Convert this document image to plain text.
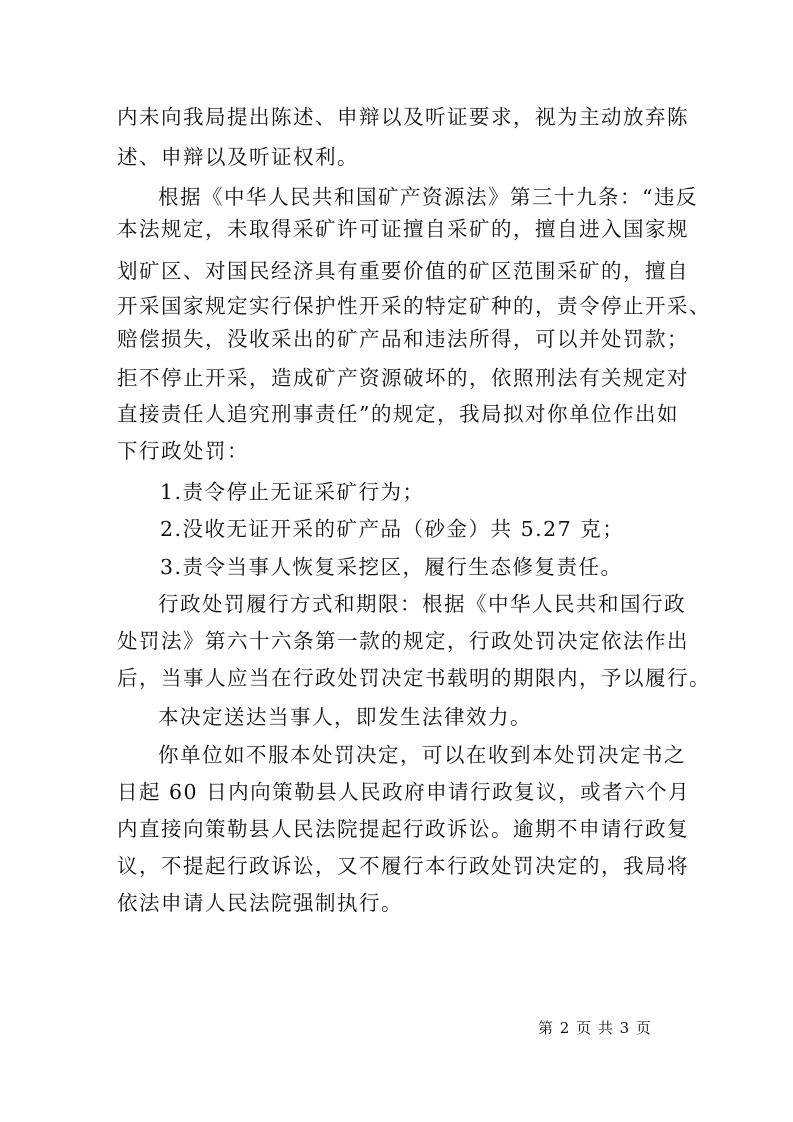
内未向我局提出陈述、申辩以及听证要求，视为主动放弃陈
述、申辩以及听证权利。
根据《中华人民共和国矿产资源法》第三十九条：“违反
本法规定，未取得采矿许可证擅自采矿的，擅自进入国家规
划矿区、对国民经济具有重要价值的矿区范围采矿的，擅自
开采国家规定实行保护性开采的特定矿种的，责令停止开采、
赔偿损失，没收采出的矿产品和违法所得，可以并处罚款；
拒不停止开采，造成矿产资源破坏的，依照刑法有关规定对
直接责任人追究刑事责任”的规定，我局拟对你单位作出如
下行政处罚：
1.责令停止无证采矿行为；
2.没收无证开采的矿产品（砂金）共 5.27 克；
3.责令当事人恢复采挖区，履行生态修复责任。
行政处罚履行方式和期限：根据《中华人民共和国行政
处罚法》第六十六条第一款的规定，行政处罚决定依法作出
后，当事人应当在行政处罚决定书载明的期限内，予以履行。
本决定送达当事人，即发生法律效力。
你单位如不服本处罚决定，可以在收到本处罚决定书之
日起 60 日内向策勒县人民政府申请行政复议，或者六个月
内直接向策勒县人民法院提起行政诉讼。逾期不申请行政复
议，不提起行政诉讼，又不履行本行政处罚决定的，我局将
依法申请人民法院强制执行。
第 2 页 共 3 页
